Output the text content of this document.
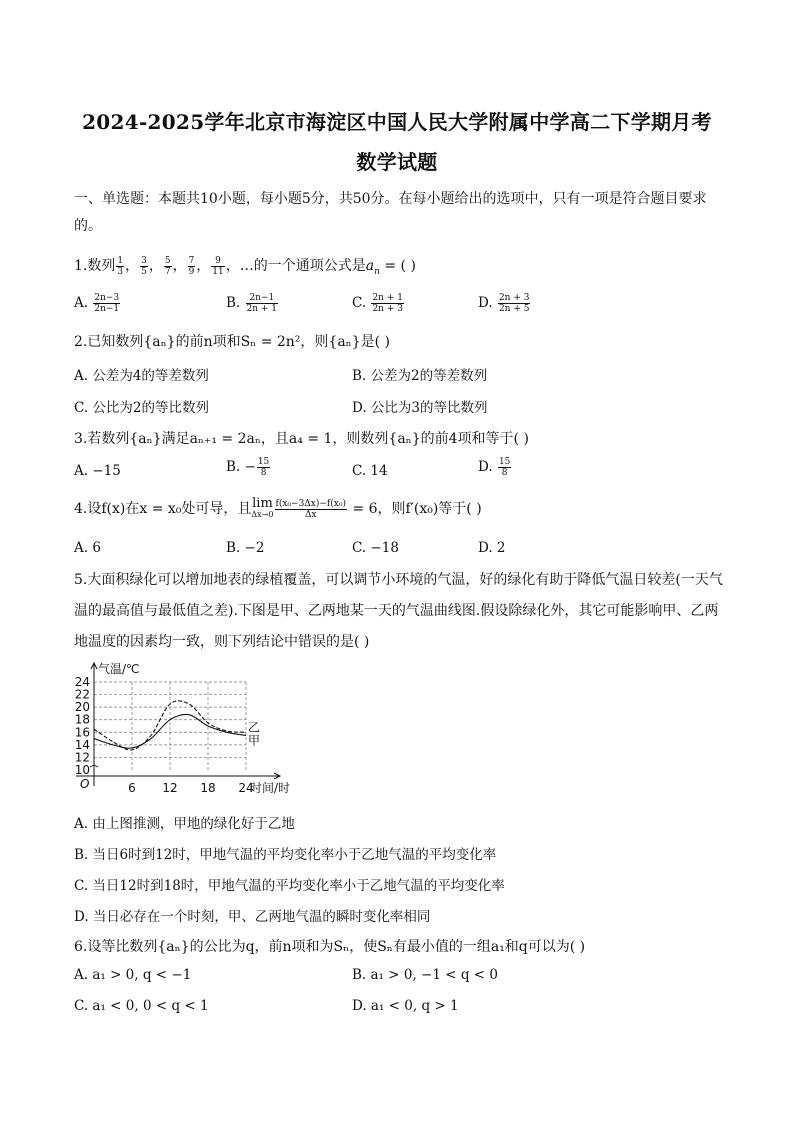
2024-2025学年北京市海淀区中国人民大学附属中学高二下学期月考
数学试题
一、单选题：本题共10小题，每小题5分，共50分。在每小题给出的选项中，只有一项是符合题目要求的。
1.数列 $\frac{1}{3}$ ， $\frac{3}{5}$ ， $\frac{5}{7}$ ， $\frac{7}{9}$ ， $\frac{9}{11}$ ，…的一个通项公式是$a_n$ = ( )
A. $\frac{2n-3}{2n-1}$	B. $\frac{2n-1}{2n + 1}$	C. $\frac{2n + 1}{2n + 3}$	D. $\frac{2n + 3}{2n + 5}$
2.已知数列{aₙ}的前n项和Sₙ = 2n²，则{aₙ}是( )
A. 公差为4的等差数列	B. 公差为2的等差数列
C. 公比为2的等比数列	D. 公比为3的等比数列
3.若数列{aₙ}满足aₙ₊₁ = 2aₙ，且a₄ = 1，则数列{aₙ}的前4项和等于( )
A. −15	B. − $\frac{15}{8}$	C. 14	D. $\frac{15}{8}$
4.设f(x)在x = x₀处可导，且 lim
$\Delta x\to 0 \frac{\text{f(x₀−3Δx)−f(x₀)}}{\Delta x} = 6$，则f′(x₀)等于( )
A. 6	B. −2	C. −18	D. 2
5.大面积绿化可以增加地表的绿植覆盖，可以调节小环境的气温，好的绿化有助于降低气温日较差(一天气温的最高值与最低值之差).下图是甲、乙两地某一天的气温曲线图.假设除绿化外，其它可能影响甲、乙两地温度的因素均一致，则下列结论中错误的是( )
10
12
14
16
18
20
22
24
6 12 18 24
乙
甲
气温/℃
时间/时
O
A. 由上图推测，甲地的绿化好于乙地
B. 当日6时到12时，甲地气温的平均变化率小于乙地气温的平均变化率
C. 当日12时到18时，甲地气温的平均变化率小于乙地气温的平均变化率
D. 当日必存在一个时刻，甲、乙两地气温的瞬时变化率相同
6.设等比数列{aₙ}的公比为q，前n项和为Sₙ，使Sₙ有最小值的一组a₁和q可以为( )
A. a₁ > 0, q < −1	B. a₁ > 0, −1 < q < 0
C. a₁ < 0, 0 < q < 1	D. a₁ < 0, q > 1
